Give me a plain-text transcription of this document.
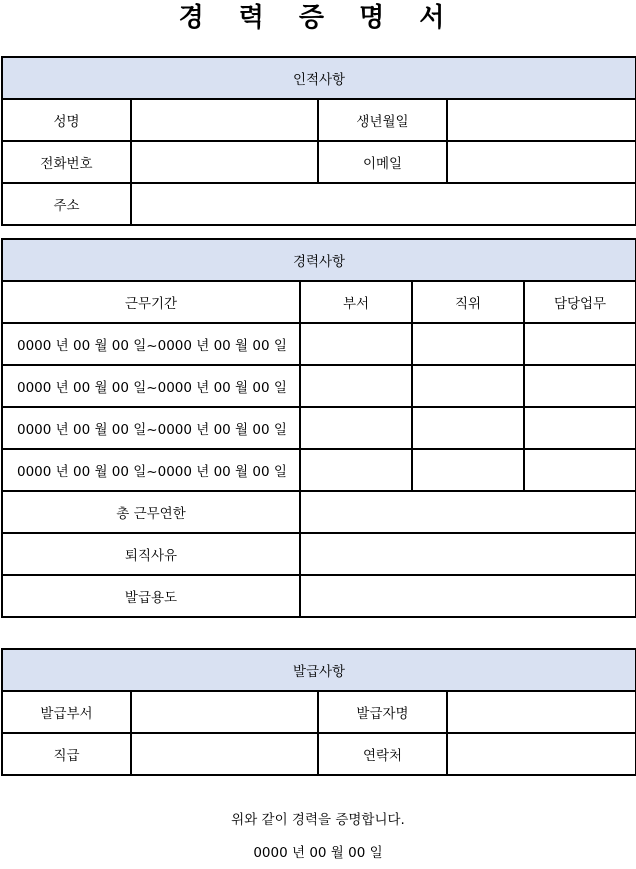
경 력 증 명 서
인적사항			
성명		생년월일	
전화번호		이메일	
주소			
경력사항			
근무기간	부서	직위	담당업무
0000 년 00 월 00 일~0000 년 00 월 00 일			
0000 년 00 월 00 일~0000 년 00 월 00 일			
0000 년 00 월 00 일~0000 년 00 월 00 일			
0000 년 00 월 00 일~0000 년 00 월 00 일			
총 근무연한			
퇴직사유			
발급용도			
발급사항			
발급부서		발급자명	
직급		연락처	
위와 같이 경력을 증명합니다.
0000 년 00 월 00 일
